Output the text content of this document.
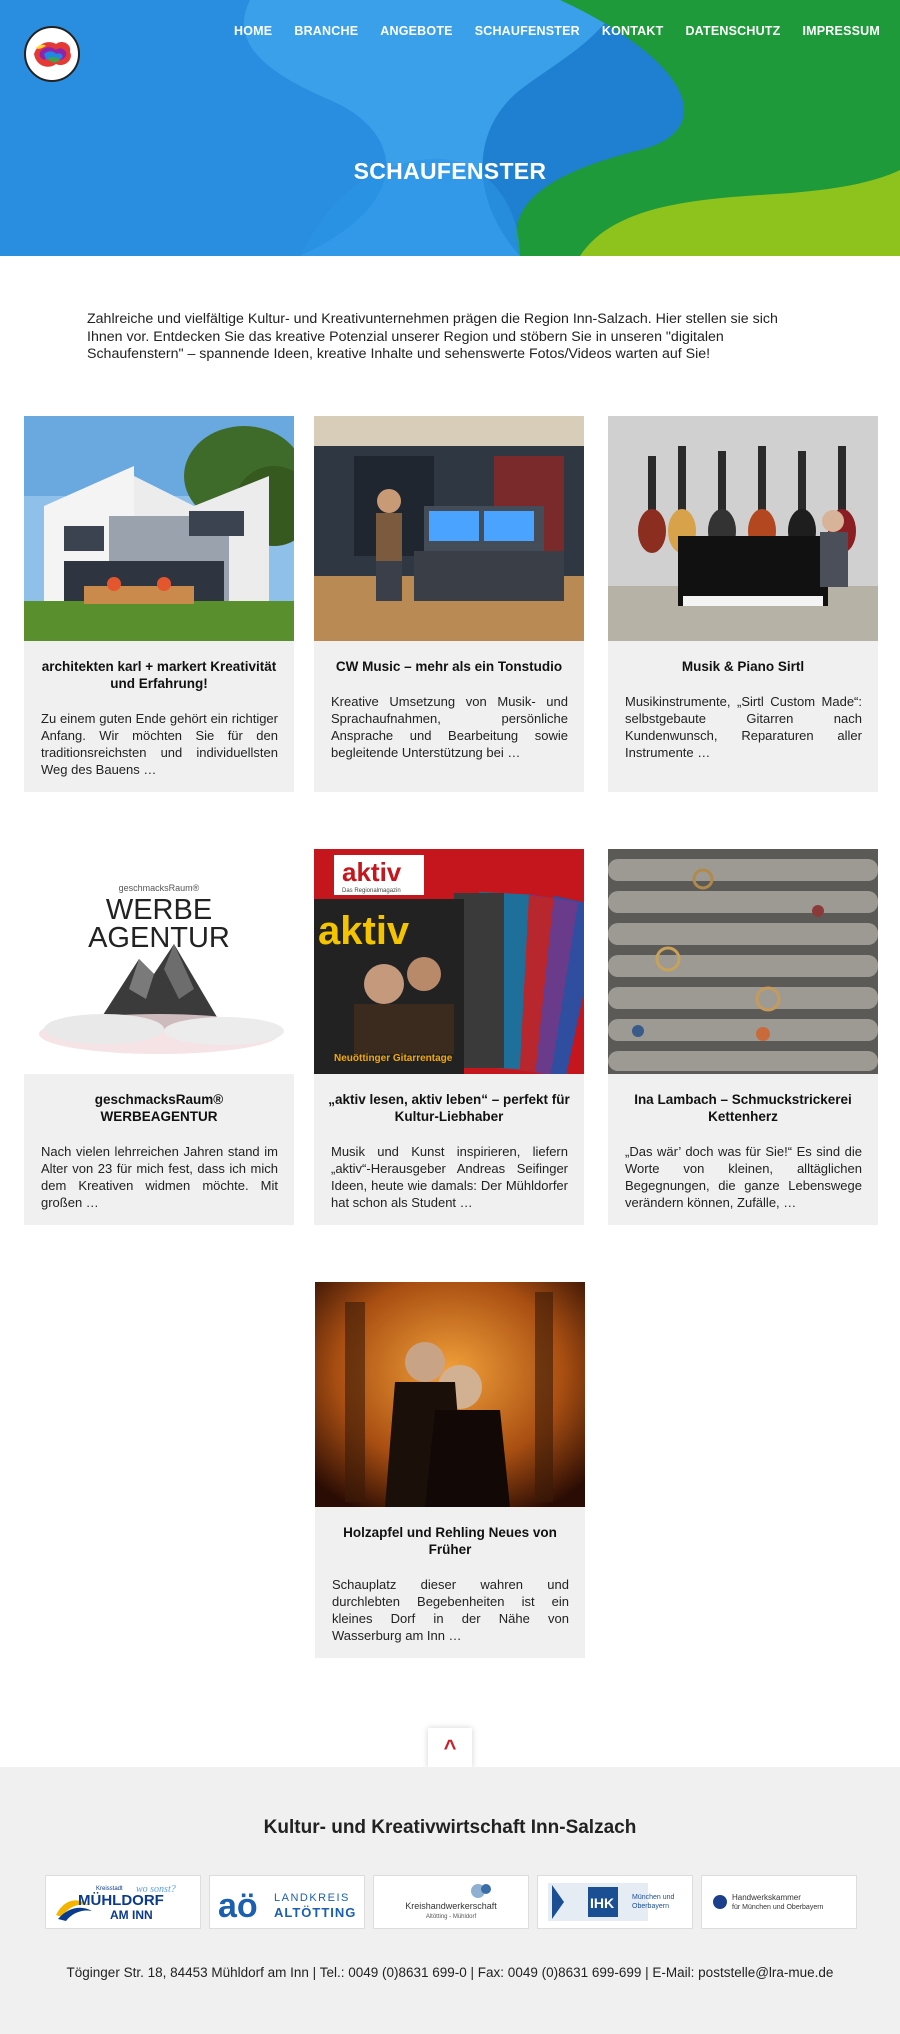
HOME BRANCHE ANGEBOTE SCHAUFENSTER KONTAKT DATENSCHUTZ IMPRESSUM
SCHAUFENSTER

Zahlreiche und vielfältige Kultur- und Kreativunternehmen prägen die Region Inn-Salzach. Hier stellen sie sich Ihnen vor. Entdecken Sie das kreative Potenzial unserer Region und stöbern Sie in unseren "digitalen Schaufenstern" – spannende Ideen, kreative Inhalte und sehenswerte Fotos/Videos warten auf Sie!

architekten karl + markert Kreativität und Erfahrung!

Zu einem guten Ende gehört ein richtiger Anfang. Wir möchten Sie für den traditionsreichsten und individuellsten Weg des Bauens …

CW Music – mehr als ein Tonstudio

Kreative Umsetzung von Musik- und Sprachaufnahmen, persönliche Ansprache und Bearbeitung sowie begleitende Unterstützung bei …

Musik & Piano Sirtl

Musikinstrumente, „Sirtl Custom Made“: selbstgebaute Gitarren nach Kundenwunsch, Reparaturen aller Instrumente …

geschmacksRaum®
WERBE
AGENTUR
geschmacksRaum® WERBEAGENTUR

Nach vielen lehrreichen Jahren stand im Alter von 23 für mich fest, dass ich mich dem Kreativen widmen möchte. Mit großen …

aktiv
Das Regionalmagazin
aktiv
Neuöttinger Gitarrentage
„aktiv lesen, aktiv leben“ – perfekt für Kultur-Liebhaber

Musik und Kunst inspirieren, liefern „aktiv“-Herausgeber Andreas Seifinger Ideen, heute wie damals: Der Mühldorfer hat schon als Student …

Ina Lambach – Schmuckstrickerei Kettenherz

„Das wär’ doch was für Sie!“ Es sind die Worte von kleinen, alltäglichen Begegnungen, die ganze Lebenswege verändern können, Zufälle, …

Holzapfel und Rehling Neues von Früher

Schauplatz dieser wahren und durchlebten Begebenheiten ist ein kleines Dorf in der Nähe von Wasserburg am Inn …

^
Kultur- und Kreativwirtschaft Inn-Salzach
Kreisstadt wo sonst?
MÜHLDORF
AM INN aö LANDKREIS
ALTÖTTING	Kreishandwerkerschaft
Altötting - Mühldorf
IHK	München und
Oberbayern
Handwerkskammer
für München und Oberbayern

Töginger Str. 18, 84453 Mühldorf am Inn | Tel.: 0049 (0)8631 699-0 | Fax: 0049 (0)8631 699-699 | E-Mail: poststelle@lra-mue.de
